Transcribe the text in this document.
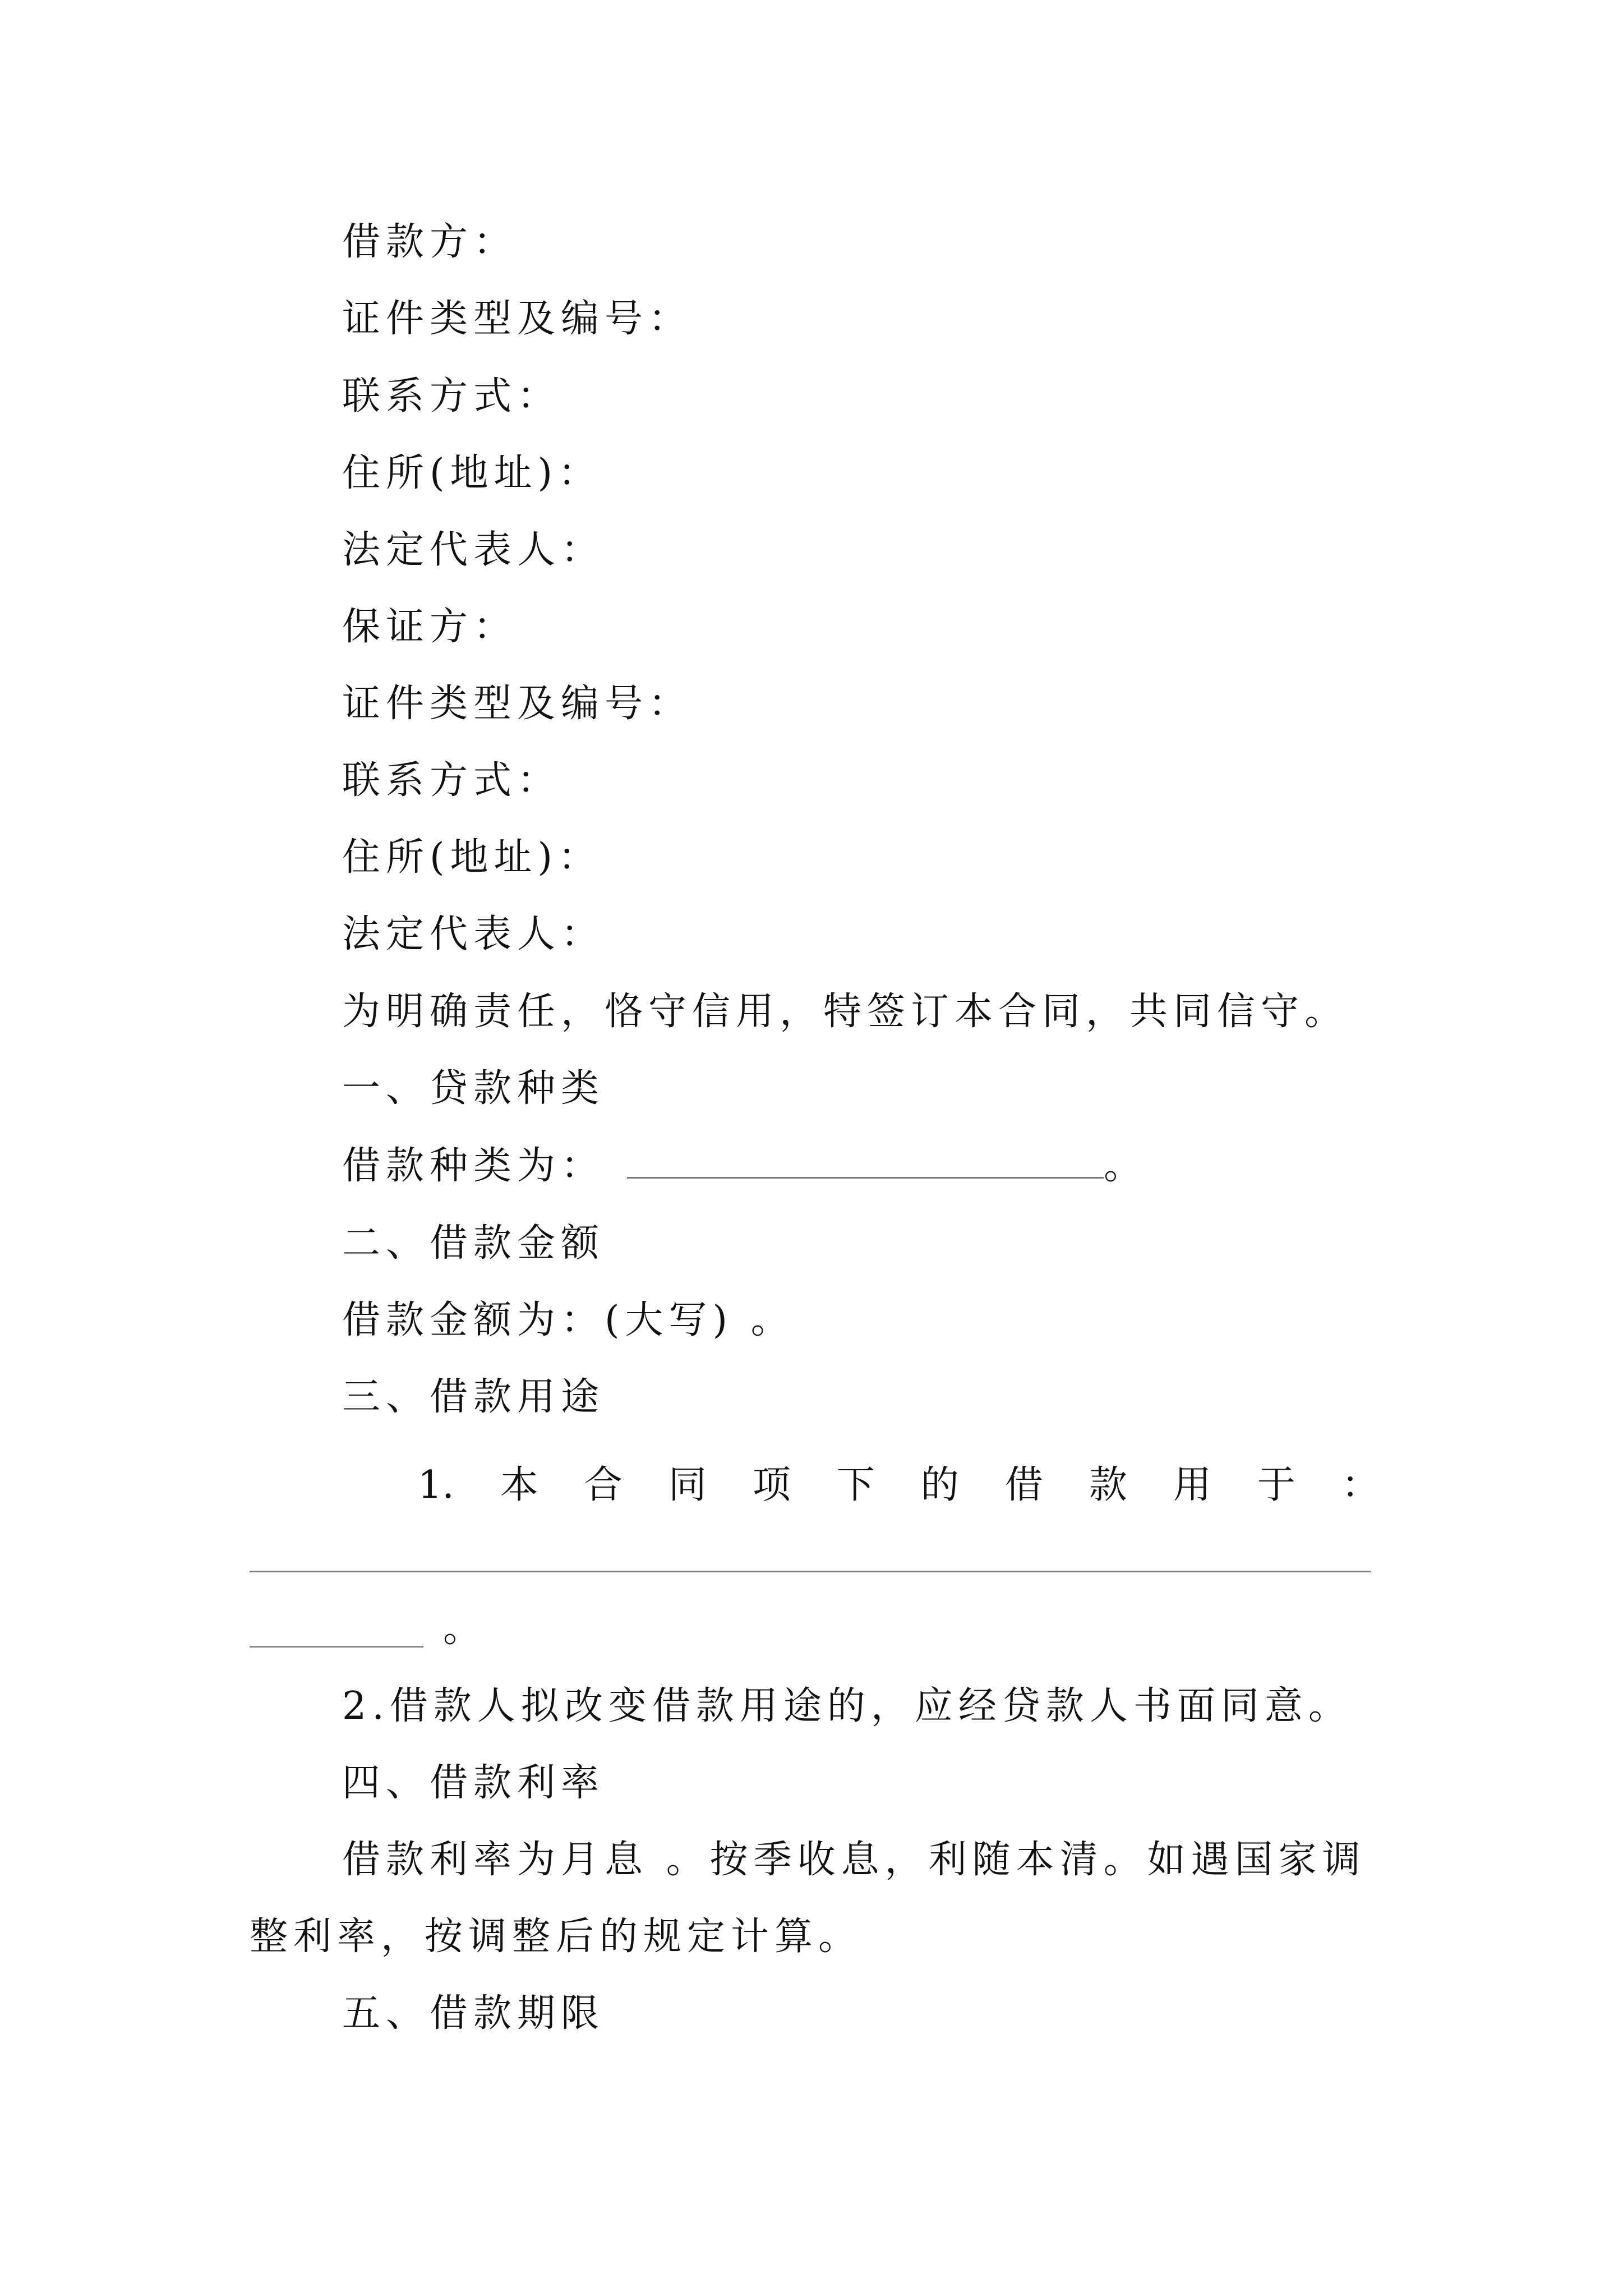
借款方：
证件类型及编号：
联系方式：
住所(地址)：
法定代表人：
保证方：
证件类型及编号：
联系方式：
住所(地址)：
法定代表人：
为明确责任，恪守信用，特签订本合同，共同信守。
一、贷款种类
借款种类为：	。
二、借款金额
借款金额为：(大写) 。
三、借款用途
1. 本 合 同 项 下 的 借 款 用 于 ：
。
2.借款人拟改变借款用途的，应经贷款人书面同意。
四、借款利率
借款利率为月息 。按季收息，利随本清。如遇国家调
整利率，按调整后的规定计算。
五、借款期限
